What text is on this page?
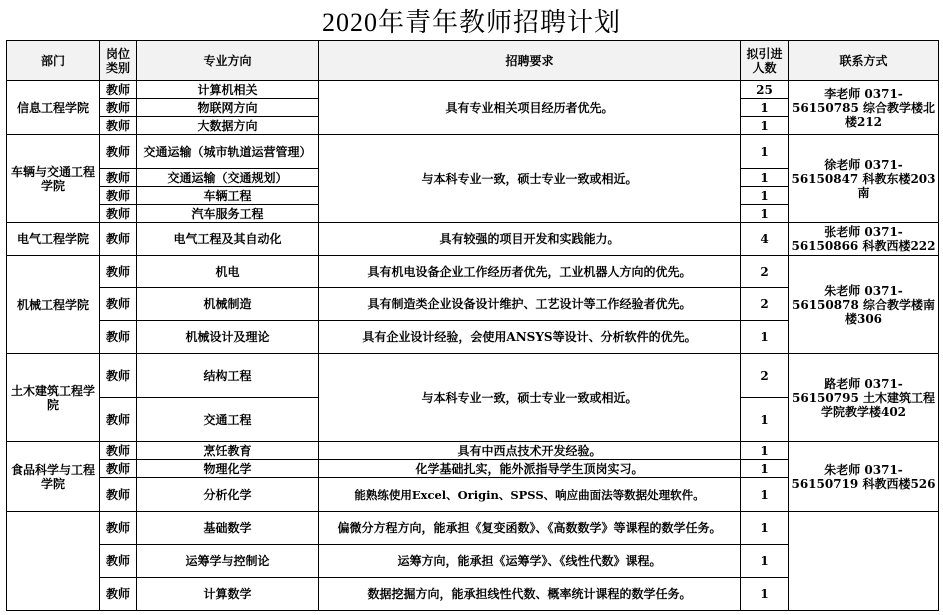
2020年青年教师招聘计划
部门	岗位类别	专业方向	招聘要求	拟引进人数	联系方式
信息工程学院	教师	计算机相关	具有专业相关项目经历者优先。	25	李老师 0371-56150785 综合教学楼北楼212
	教师	物联网方向		1	
	教师	大数据方向		1	
车辆与交通工程学院	教师	交通运输（城市轨道运营管理）	与本科专业一致，硕士专业一致或相近。	1	徐老师 0371-56150847 科教东楼203南
	教师	交通运输（交通规划）		1	
	教师	车辆工程		1	
	教师	汽车服务工程		1	
电气工程学院	教师	电气工程及其自动化	具有较强的项目开发和实践能力。	4	张老师 0371-56150866 科教西楼222
机械工程学院	教师	机电	具有机电设备企业工作经历者优先，工业机器人方向的优先。	2	朱老师 0371-56150878 综合教学楼南楼306
	教师	机械制造	具有制造类企业设备设计维护、工艺设计等工作经验者优先。	2	
	教师	机械设计及理论	具有企业设计经验，会使用ANSYS等设计、分析软件的优先。	1	
土木建筑工程学院	教师	结构工程	与本科专业一致，硕士专业一致或相近。	2	路老师 0371-56150795 土木建筑工程学院教学楼402
	教师	交通工程		1	
食品科学与工程学院	教师	烹饪教育	具有中西点技术开发经验。	1	朱老师 0371-56150719 科教西楼526
	教师	物理化学	化学基础扎实，能外派指导学生顶岗实习。	1	
	教师	分析化学	能熟练使用Excel、Origin、SPSS、响应曲面法等数据处理软件。	1	
	教师	基础数学	偏微分方程方向，能承担《复变函数》、《高数数学》等课程的数学任务。	1	
	教师	运筹学与控制论	运筹方向，能承担《运筹学》、《线性代数》课程。	1	
	教师	计算数学	数据挖掘方向，能承担线性代数、概率统计课程的数学任务。	1	
